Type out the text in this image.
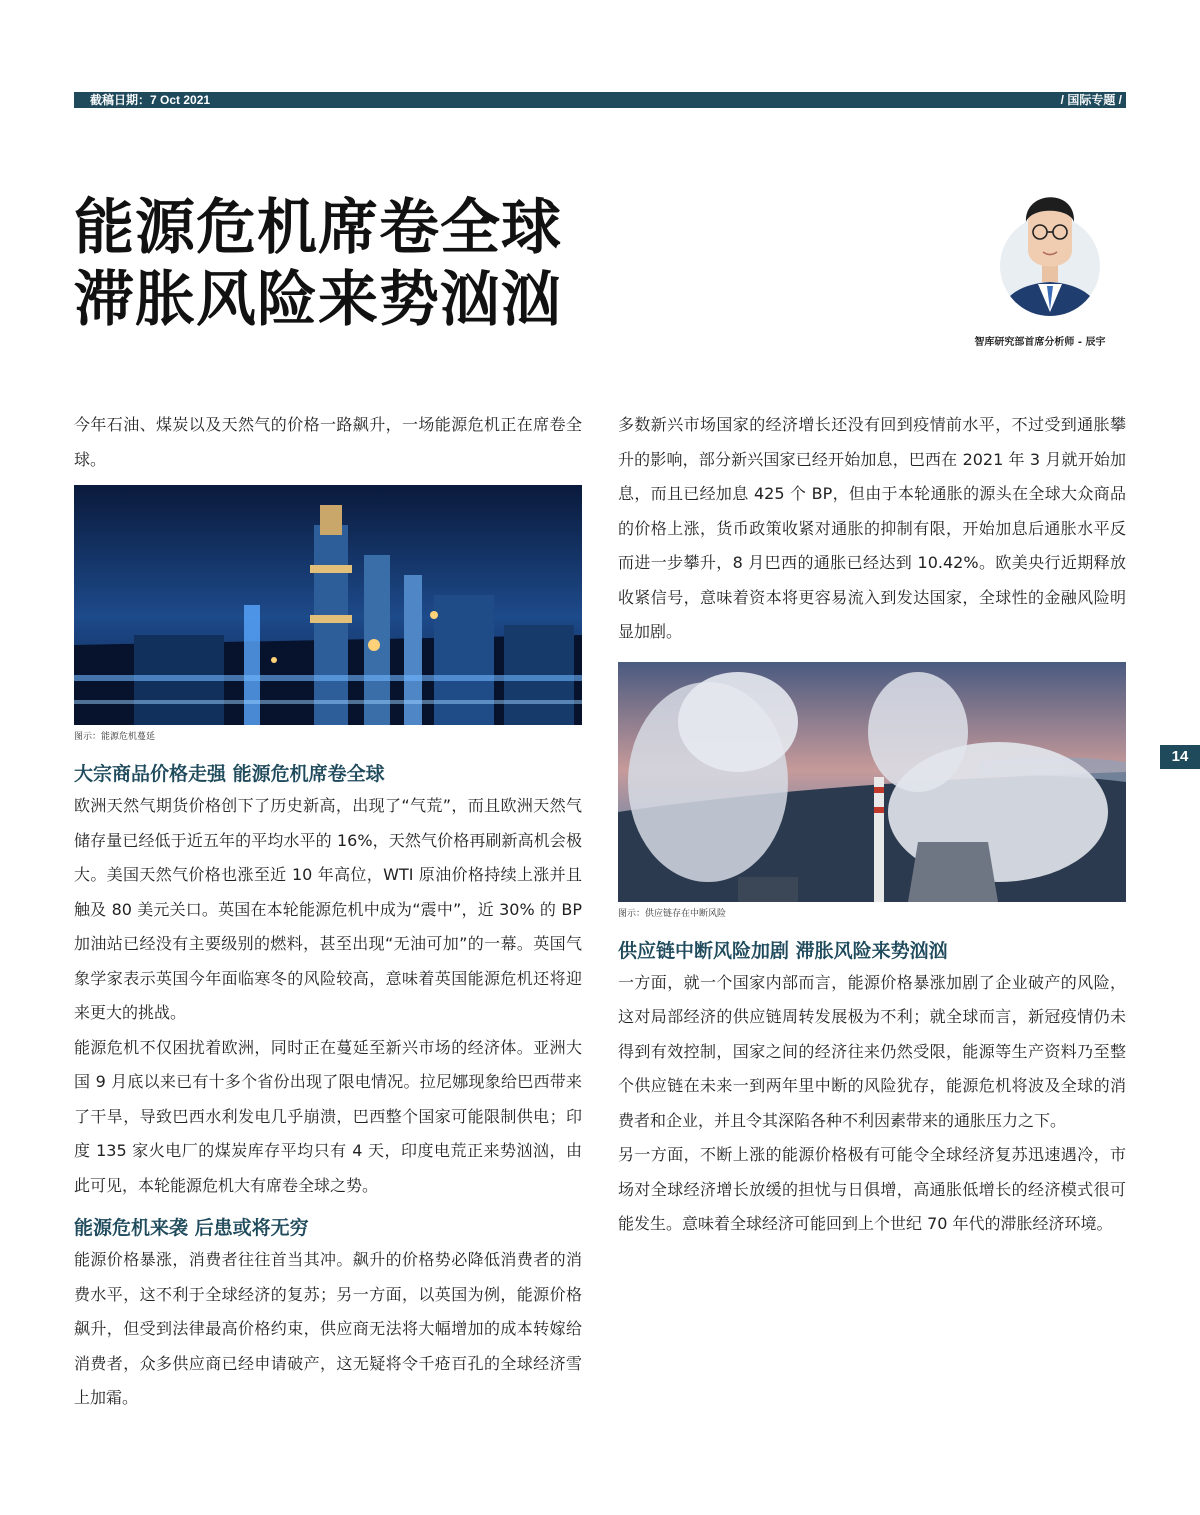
截稿日期：7 Oct 2021	/ 国际专题 /
能源危机席卷全球
滞胀风险来势汹汹
智库研究部首席分析师 - 辰宇

今年石油、煤炭以及天然气的价格一路飙升，一场能源危机正在席卷全球。

图示：能源危机蔓延
大宗商品价格走强 能源危机席卷全球

欧洲天然气期货价格创下了历史新高，出现了“气荒”，而且欧洲天然气储存量已经低于近五年的平均水平的 16%，天然气价格再刷新高机会极大。美国天然气价格也涨至近 10 年高位，WTI 原油价格持续上涨并且触及 80 美元关口。英国在本轮能源危机中成为“震中”，近 30% 的 BP 加油站已经没有主要级别的燃料，甚至出现“无油可加”的一幕。英国气象学家表示英国今年面临寒冬的风险较高，意味着英国能源危机还将迎来更大的挑战。

能源危机不仅困扰着欧洲，同时正在蔓延至新兴市场的经济体。亚洲大国 9 月底以来已有十多个省份出现了限电情况。拉尼娜现象给巴西带来了干旱，导致巴西水利发电几乎崩溃，巴西整个国家可能限制供电；印度 135 家火电厂的煤炭库存平均只有 4 天，印度电荒正来势汹汹，由此可见，本轮能源危机大有席卷全球之势。

能源危机来袭 后患或将无穷

能源价格暴涨，消费者往往首当其冲。飙升的价格势必降低消费者的消费水平，这不利于全球经济的复苏；另一方面，以英国为例，能源价格飙升，但受到法律最高价格约束，供应商无法将大幅增加的成本转嫁给消费者，众多供应商已经申请破产，这无疑将令千疮百孔的全球经济雪上加霜。

多数新兴市场国家的经济增长还没有回到疫情前水平，不过受到通胀攀升的影响，部分新兴国家已经开始加息，巴西在 2021 年 3 月就开始加息，而且已经加息 425 个 BP，但由于本轮通胀的源头在全球大众商品的价格上涨，货币政策收紧对通胀的抑制有限，开始加息后通胀水平反而进一步攀升，8 月巴西的通胀已经达到 10.42%。欧美央行近期释放收紧信号，意味着资本将更容易流入到发达国家，全球性的金融风险明显加剧。

图示：供应链存在中断风险
供应链中断风险加剧 滞胀风险来势汹汹

一方面，就一个国家内部而言，能源价格暴涨加剧了企业破产的风险，这对局部经济的供应链周转发展极为不利；就全球而言，新冠疫情仍未得到有效控制，国家之间的经济往来仍然受限，能源等生产资料乃至整个供应链在未来一到两年里中断的风险犹存，能源危机将波及全球的消费者和企业，并且令其深陷各种不利因素带来的通胀压力之下。

另一方面，不断上涨的能源价格极有可能令全球经济复苏迅速遇冷，市场对全球经济增长放缓的担忧与日俱增，高通胀低增长的经济模式很可能发生。意味着全球经济可能回到上个世纪 70 年代的滞胀经济环境。

14
